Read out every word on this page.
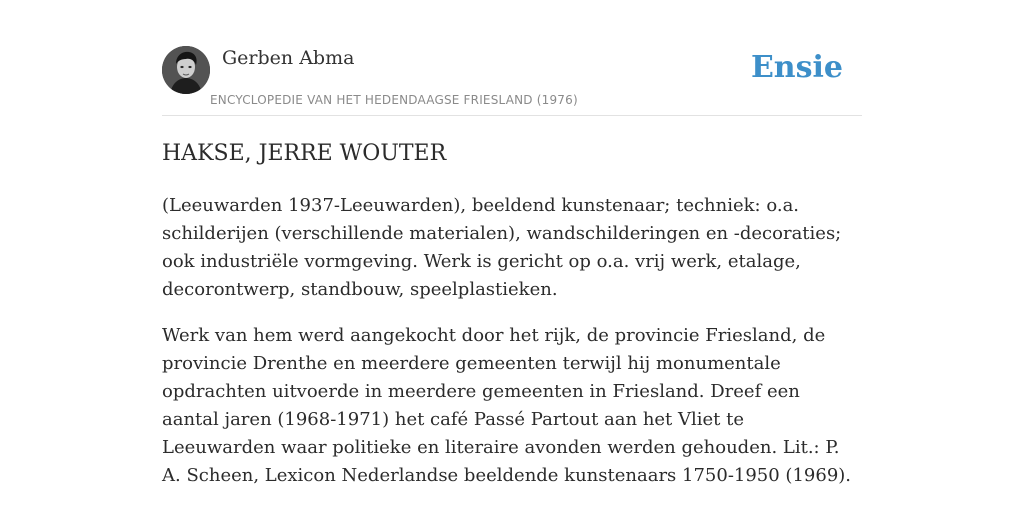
Gerben Abma
ENCYCLOPEDIE VAN HET HEDENDAAGSE FRIESLAND (1976)
Ensie
HAKSE, JERRE WOUTER

(Leeuwarden 1937-Leeuwarden), beeldend kunstenaar; techniek: o.a. schilderijen (verschillende materialen), wandschilderingen en -decoraties; ook industriële vormgeving. Werk is gericht op o.a. vrij werk, etalage, decorontwerp, standbouw, speelplastieken.

Werk van hem werd aangekocht door het rijk, de provincie Friesland, de provincie Drenthe en meerdere gemeenten terwijl hij monumentale opdrachten uitvoerde in meerdere gemeenten in Friesland. Dreef een aantal jaren (1968-1971) het café Passé Partout aan het Vliet te Leeuwarden waar politieke en literaire avonden werden gehouden. Lit.: P. A. Scheen, Lexicon Nederlandse beeldende kunstenaars 1750-1950 (1969).
